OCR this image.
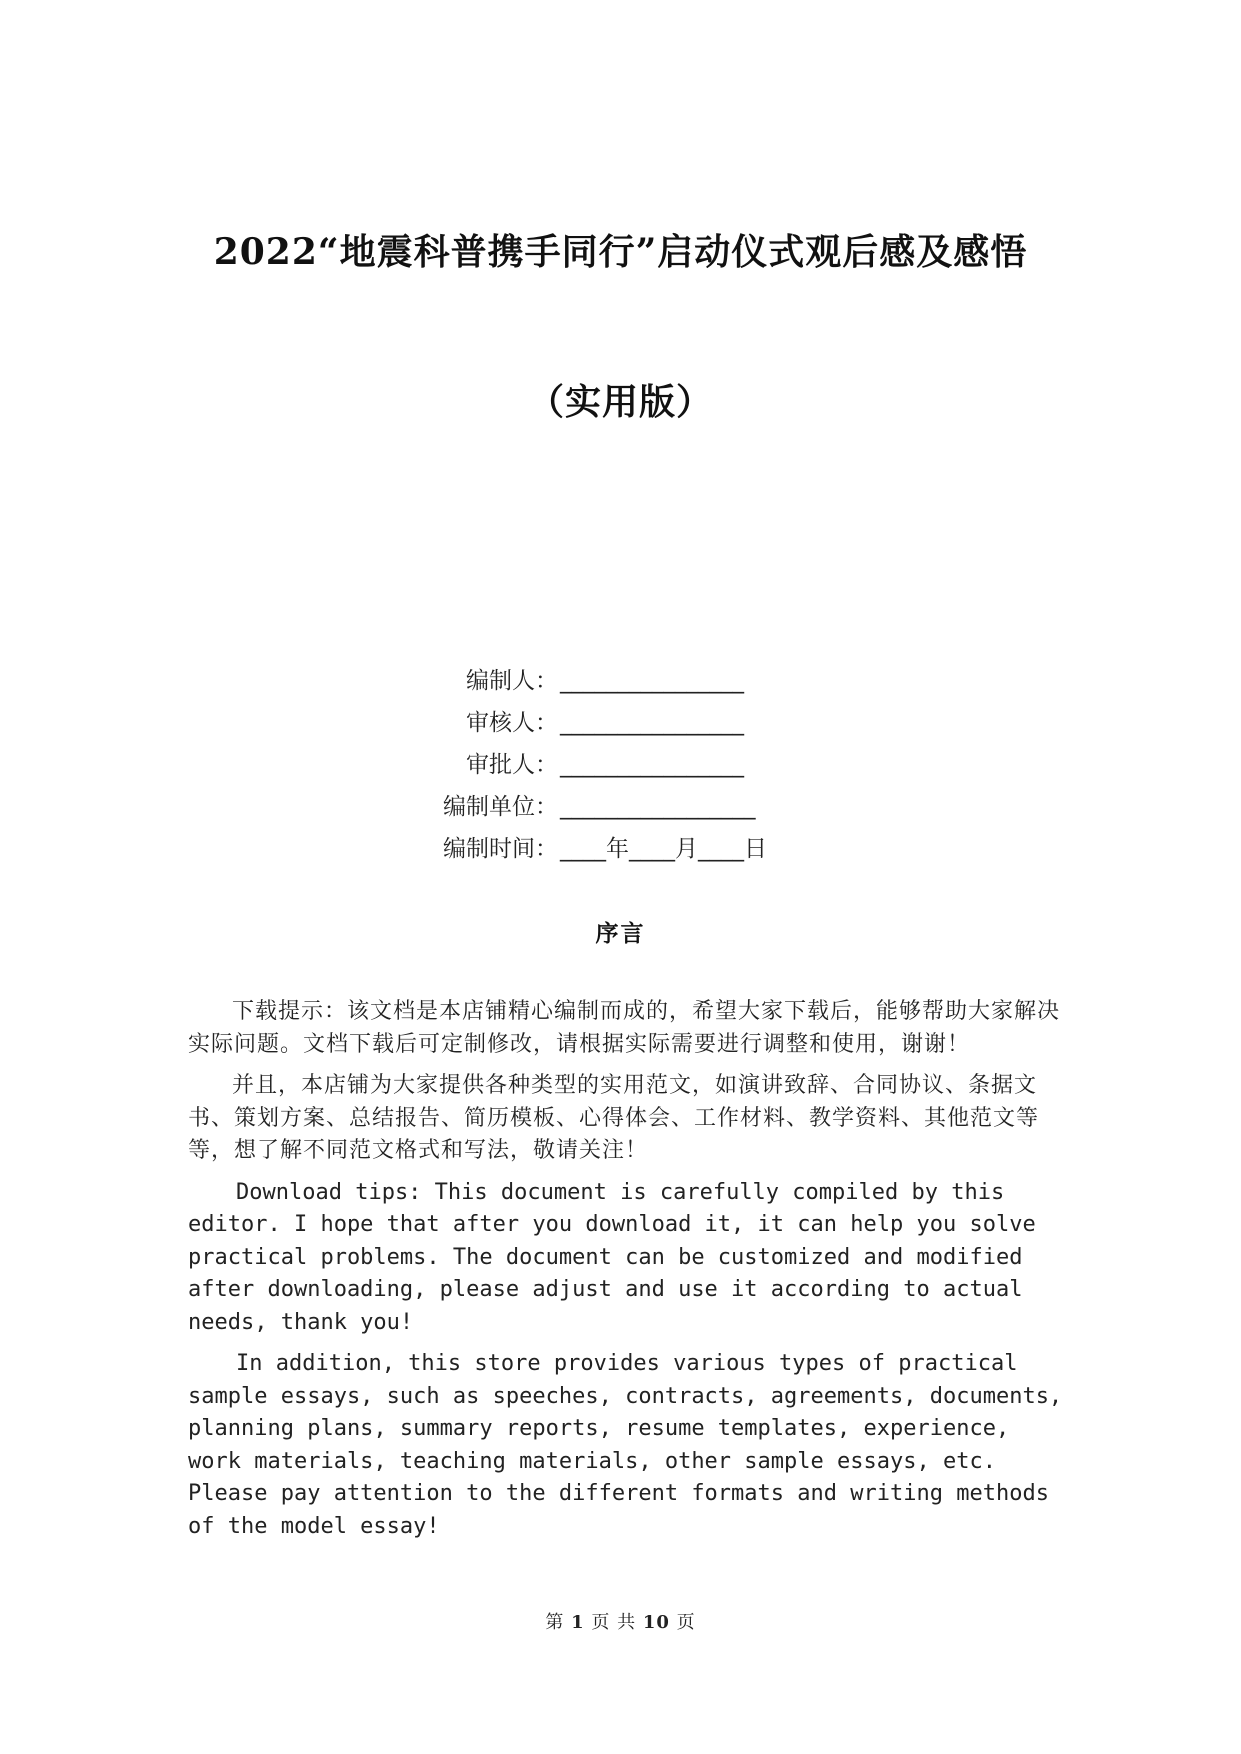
2022“地震科普携手同行”启动仪式观后感及感悟
（实用版）
编制人：________________
审核人：________________
审批人：________________
编制单位：_________________
编制时间：____年____月____日
序言

下载提示：该文档是本店铺精心编制而成的，希望大家下载后，能够帮助大家解决实际问题。文档下载后可定制修改，请根据实际需要进行调整和使用，谢谢！

并且，本店铺为大家提供各种类型的实用范文，如演讲致辞、合同协议、条据文书、策划方案、总结报告、简历模板、心得体会、工作材料、教学资料、其他范文等等，想了解不同范文格式和写法，敬请关注！

Download tips: This document is carefully compiled by this editor. I hope that after you download it, it can help you solve practical problems. The document can be customized and modified after downloading, please adjust and use it according to actual needs, thank you!

In addition, this store provides various types of practical sample essays, such as speeches, contracts, agreements, documents, planning plans, summary reports, resume templates, experience, work materials, teaching materials, other sample essays, etc. Please pay attention to the different formats and writing methods of the model essay!

第 1 页 共 10 页
